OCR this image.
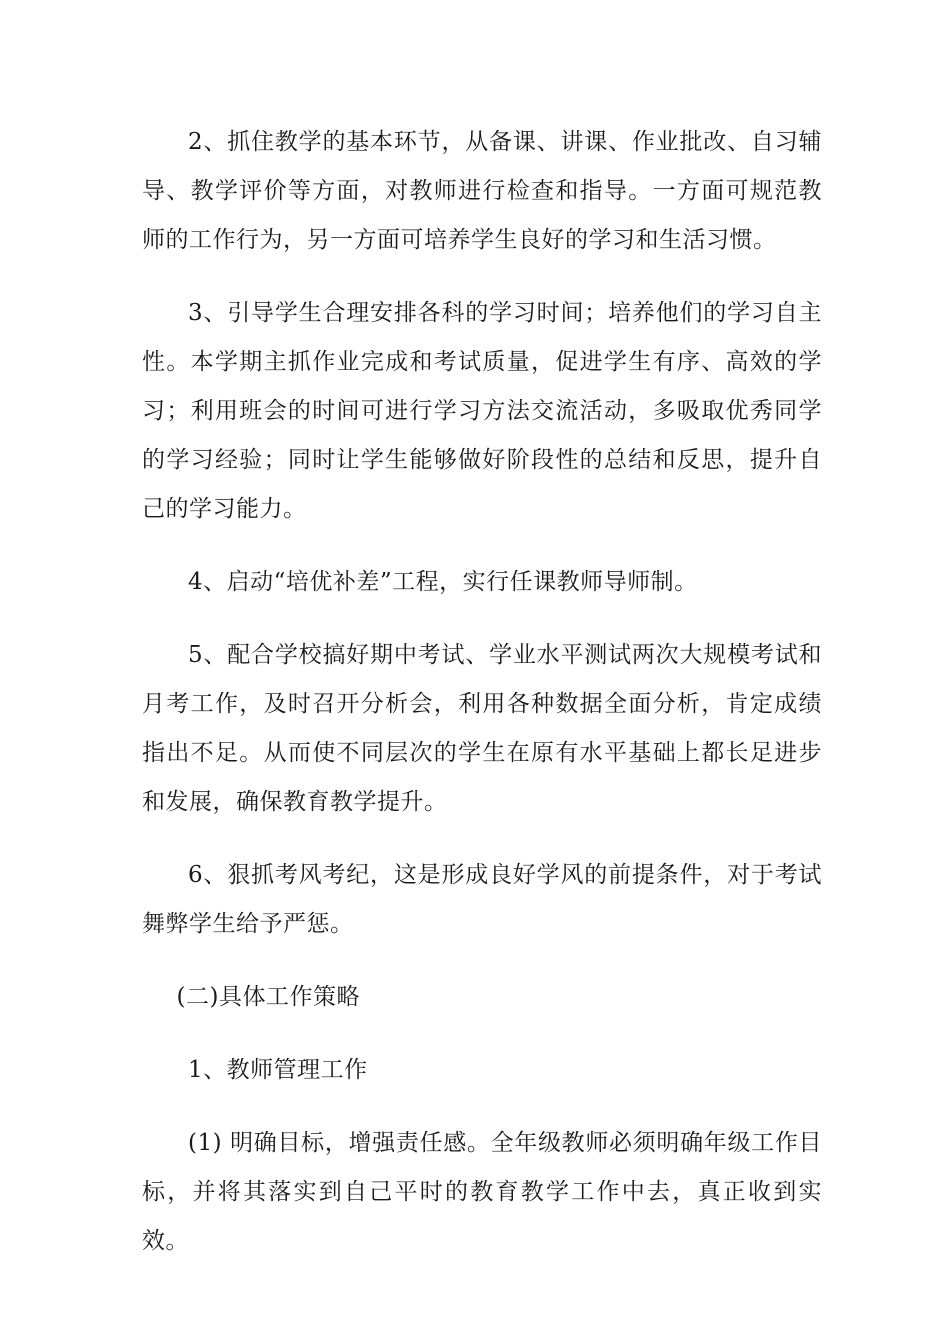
2、抓住教学的基本环节，从备课、讲课、作业批改、自习辅导、教学评价等方面，对教师进行检查和指导。一方面可规范教师的工作行为，另一方面可培养学生良好的学习和生活习惯。

3、引导学生合理安排各科的学习时间；培养他们的学习自主性。本学期主抓作业完成和考试质量，促进学生有序、高效的学习；利用班会的时间可进行学习方法交流活动，多吸取优秀同学的学习经验；同时让学生能够做好阶段性的总结和反思，提升自己的学习能力。

4、启动“培优补差”工程，实行任课教师导师制。

5、配合学校搞好期中考试、学业水平测试两次大规模考试和月考工作，及时召开分析会，利用各种数据全面分析，肯定成绩指出不足。从而使不同层次的学生在原有水平基础上都长足进步和发展，确保教育教学提升。

6、狠抓考风考纪，这是形成良好学风的前提条件，对于考试舞弊学生给予严惩。

(二)具体工作策略

1、教师管理工作

(1) 明确目标，增强责任感。全年级教师必须明确年级工作目标，并将其落实到自己平时的教育教学工作中去，真正收到实效。
